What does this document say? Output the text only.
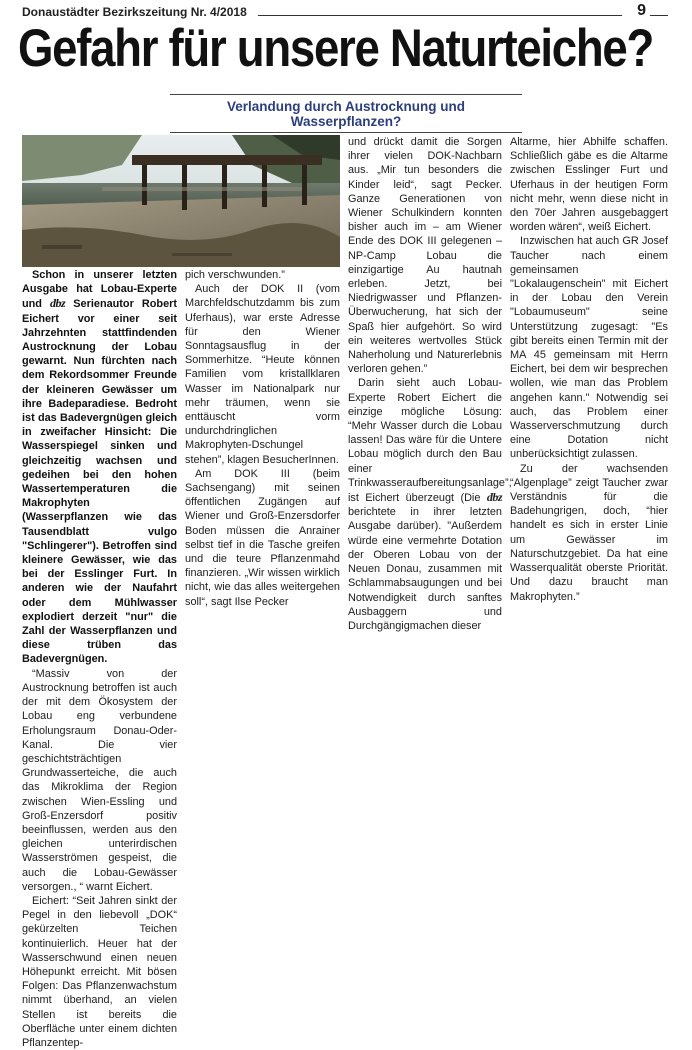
Donaustädter Bezirkszeitung Nr. 4/2018	9
Gefahr für unsere Naturteiche?
Verlandung durch Austrocknung und Wasserpflanzen?

Schon in unserer letzten Ausgabe hat Lobau-Experte und dbz Serienautor Robert Eichert vor einer seit Jahrzehnten stattfindenden Austrocknung der Lobau gewarnt. Nun fürchten nach dem Rekordsommer Freunde der kleineren Gewässer um ihre Badeparadiese. Bedroht ist das Badevergnügen gleich in zweifacher Hinsicht: Die Wasserspiegel sinken und gleichzeitig wachsen und gedeihen bei den hohen Wassertemperaturen die Makrophyten (Wasserpflanzen wie das Tausendblatt vulgo "Schlingerer"). Betroffen sind kleinere Gewässer, wie das bei der Esslinger Furt. In anderen wie der Naufahrt oder dem Mühlwasser explodiert derzeit "nur" die Zahl der Wasserpflanzen und diese trüben das Badevergnügen.

“Massiv von der Austrocknung betroffen ist auch der mit dem Ökosystem der Lobau eng verbundene Erholungsraum Donau-Oder-Kanal. Die vier geschichtsträchtigen Grundwasserteiche, die auch das Mikroklima der Region zwischen Wien-Essling und Groß-Enzersdorf positiv beeinflussen, werden aus den gleichen unterirdischen Wasserströmen gespeist, die auch die Lobau-Gewässer versorgen., “ warnt Eichert.

Eichert: “Seit Jahren sinkt der Pegel in den liebevoll „DOK“ gekürzelten Teichen kontinuierlich. Heuer hat der Wasserschwund einen neuen Höhepunkt erreicht. Mit bösen Folgen: Das Pflanzenwachstum nimmt überhand, an vielen Stellen ist bereits die Oberfläche unter einem dichten Pflanzentep-

pich verschwunden.”

Auch der DOK II (vom Marchfeldschutzdamm bis zum Uferhaus), war erste Adresse für den Wiener Sonntagsausflug in der Sommerhitze. “Heute können Familien vom kristallklaren Wasser im Nationalpark nur mehr träumen, wenn sie enttäuscht vorm undurchdringlichen Makrophyten-Dschungel stehen”, klagen BesucherInnen.

Am DOK III (beim Sachsengang) mit seinen öffentlichen Zugängen auf Wiener und Groß-Enzersdorfer Boden müssen die Anrainer selbst tief in die Tasche greifen und die teure Pflanzenmahd finanzieren. „Wir wissen wirklich nicht, wie das alles weitergehen soll“, sagt Ilse Pecker

und drückt damit die Sorgen ihrer vielen DOK-Nachbarn aus. „Mir tun besonders die Kinder leid“, sagt Pecker. Ganze Generationen von Wiener Schulkindern konnten bisher auch im – am Wiener Ende des DOK III gelegenen – NP-Camp Lobau die einzigartige Au hautnah erleben. Jetzt, bei Niedrigwasser und Pflanzen-Überwucherung, hat sich der Spaß hier aufgehört. So wird ein weiteres wertvolles Stück Naherholung und Naturerlebnis verloren gehen.”

Darin sieht auch Lobau-Experte Robert Eichert die einzige mögliche Lösung: “Mehr Wasser durch die Lobau lassen! Das wäre für die Untere Lobau möglich durch den Bau einer Trinkwasseraufbereitungsanlage”, ist Eichert überzeugt (Die dbz berichtete in ihrer letzten Ausgabe darüber). "Außerdem würde eine vermehrte Dotation der Oberen Lobau von der Neuen Donau, zusammen mit Schlammabsaugungen und bei Notwendigkeit durch sanftes Ausbaggern und Durchgängigmachen dieser

Altarme, hier Abhilfe schaffen. Schließlich gäbe es die Altarme zwischen Esslinger Furt und Uferhaus in der heutigen Form nicht mehr, wenn diese nicht in den 70er Jahren ausgebaggert worden wären“, weiß Eichert.

Inzwischen hat auch GR Josef Taucher nach einem gemeinsamen "Lokalaugenschein" mit Eichert in der Lobau den Verein "Lobaumuseum" seine Unterstützung zugesagt: "Es gibt bereits einen Termin mit der MA 45 gemeinsam mit Herrn Eichert, bei dem wir besprechen wollen, wie man das Problem angehen kann." Notwendig sei auch, das Problem einer Wasserverschmutzung durch eine Dotation nicht unberücksichtigt zulassen.

Zu der wachsenden “Algenplage” zeigt Taucher zwar Verständnis für die Badehungrigen, doch, “hier handelt es sich in erster Linie um Gewässer im Naturschutzgebiet. Da hat eine Wasserqualität oberste Priorität. Und dazu braucht man Makrophyten.”
